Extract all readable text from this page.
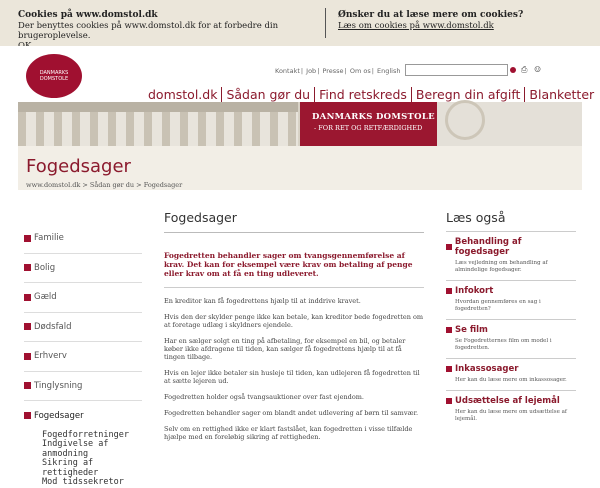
Cookies på www.domstol.dk
Der benyttes cookies på www.domstol.dk for at forbedre din brugeroplevelse.

Ønsker du at læse mere om cookies?
Læs om cookies på www.domstol.dk
DANMARKS DOMSTOLE
Kontakt| Job| Presse| Om os| English	⎙ ☺
domstol.dk Sådan gør du Find retskreds Beregn din afgift Blanketter
DANMARKS DOMSTOLE
- FOR RET OG RETFÆRDIGHED
Fogedsager
www.domstol.dk > Sådan gør du > Fogedsager
Familie
Bolig
Gæld
Dødsfald
Erhverv
Tinglysning
Fogedsager
Fogedforretninger
Indgivelse af anmodning
Sikring af rettigheder
Mod tidssekretor
Fogedsager
Fogedretten behandler sager om tvangsgennemførelse af krav. Det kan for eksempel være krav om betaling af penge eller krav om at få en ting udleveret.

En kreditor kan få fogedrettens hjælp til at inddrive kravet.

Hvis den der skylder penge ikke kan betale, kan kreditor bede fogedretten om at foretage udlæg i skyldners ejendele.

Har en sælger solgt en ting på afbetaling, for eksempel en bil, og betaler køber ikke afdragene til tiden, kan sælger få fogedrettens hjælp til at få tingen tilbage.

Hvis en lejer ikke betaler sin husleje til tiden, kan udlejeren få fogedretten til at sætte lejeren ud.

Fogedretten holder også tvangsauktioner over fast ejendom.

Fogedretten behandler sager om blandt andet udlevering af børn til samvær.

Selv om en rettighed ikke er klart fastslået, kan fogedretten i visse tilfælde hjælpe med en foreløbig sikring af rettigheden.

Læs også
Behandling af fogedsager
Læs vejledning om behandling af almindelige fogedsager.
Infokort
Hvordan gennemføres en sag i fogedretten?
Se film
Se Fogedretternes film om model i fogedretten.
Inkassosager
Her kan du læse mere om inkassosager.
Udsættelse af lejemål
Her kan du læse mere om udsættelse af lejemål.
